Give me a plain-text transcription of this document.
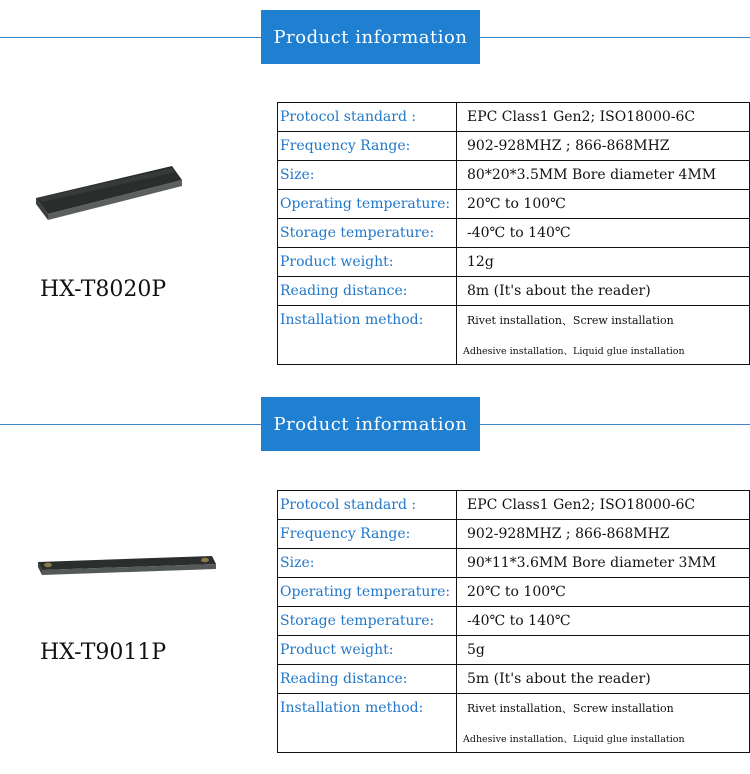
Product information
HX-T8020P
Protocol standard :	EPC Class1 Gen2; ISO18000-6C
Frequency Range:	902-928MHZ ; 866-868MHZ
Size:	80*20*3.5MM Bore diameter 4MM
Operating temperature:	20℃ to 100℃
Storage temperature:	-40℃ to 140℃
Product weight:	12g
Reading distance:	8m (It's about the reader)
Installation method:	Rivet installation、Screw installation
Adhesive installation、Liquid glue installation
Product information
HX-T9011P
Protocol standard :	EPC Class1 Gen2; ISO18000-6C
Frequency Range:	902-928MHZ ; 866-868MHZ
Size:	90*11*3.6MM Bore diameter 3MM
Operating temperature:	20℃ to 100℃
Storage temperature:	-40℃ to 140℃
Product weight:	5g
Reading distance:	5m (It's about the reader)
Installation method:	Rivet installation、Screw installation
Adhesive installation、Liquid glue installation
